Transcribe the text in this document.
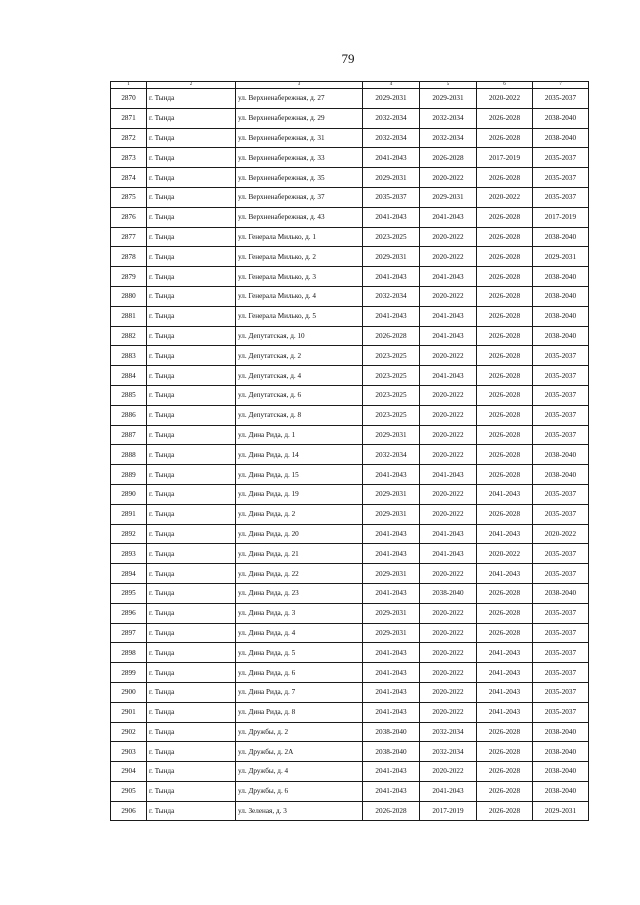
79
1	2	3	4	5	6	7
2870	г. Тында	ул. Верхненабережная, д. 27	2029-2031	2029-2031	2020-2022	2035-2037
2871	г. Тында	ул. Верхненабережная, д. 29	2032-2034	2032-2034	2026-2028	2038-2040
2872	г. Тында	ул. Верхненабережная, д. 31	2032-2034	2032-2034	2026-2028	2038-2040
2873	г. Тында	ул. Верхненабережная, д. 33	2041-2043	2026-2028	2017-2019	2035-2037
2874	г. Тында	ул. Верхненабережная, д. 35	2029-2031	2020-2022	2026-2028	2035-2037
2875	г. Тында	ул. Верхненабережная, д. 37	2035-2037	2029-2031	2020-2022	2035-2037
2876	г. Тында	ул. Верхненабережная, д. 43	2041-2043	2041-2043	2026-2028	2017-2019
2877	г. Тында	ул. Генерала Милько, д. 1	2023-2025	2020-2022	2026-2028	2038-2040
2878	г. Тында	ул. Генерала Милько, д. 2	2029-2031	2020-2022	2026-2028	2029-2031
2879	г. Тында	ул. Генерала Милько, д. 3	2041-2043	2041-2043	2026-2028	2038-2040
2880	г. Тында	ул. Генерала Милько, д. 4	2032-2034	2020-2022	2026-2028	2038-2040
2881	г. Тында	ул. Генерала Милько, д. 5	2041-2043	2041-2043	2026-2028	2038-2040
2882	г. Тында	ул. Депутатская, д. 10	2026-2028	2041-2043	2026-2028	2038-2040
2883	г. Тында	ул. Депутатская, д. 2	2023-2025	2020-2022	2026-2028	2035-2037
2884	г. Тында	ул. Депутатская, д. 4	2023-2025	2041-2043	2026-2028	2035-2037
2885	г. Тында	ул. Депутатская, д. 6	2023-2025	2020-2022	2026-2028	2035-2037
2886	г. Тында	ул. Депутатская, д. 8	2023-2025	2020-2022	2026-2028	2035-2037
2887	г. Тында	ул. Дина Рида, д. 1	2029-2031	2020-2022	2026-2028	2035-2037
2888	г. Тында	ул. Дина Рида, д. 14	2032-2034	2020-2022	2026-2028	2038-2040
2889	г. Тында	ул. Дина Рида, д. 15	2041-2043	2041-2043	2026-2028	2038-2040
2890	г. Тында	ул. Дина Рида, д. 19	2029-2031	2020-2022	2041-2043	2035-2037
2891	г. Тында	ул. Дина Рида, д. 2	2029-2031	2020-2022	2026-2028	2035-2037
2892	г. Тында	ул. Дина Рида, д. 20	2041-2043	2041-2043	2041-2043	2020-2022
2893	г. Тында	ул. Дина Рида, д. 21	2041-2043	2041-2043	2020-2022	2035-2037
2894	г. Тында	ул. Дина Рида, д. 22	2029-2031	2020-2022	2041-2043	2035-2037
2895	г. Тында	ул. Дина Рида, д. 23	2041-2043	2038-2040	2026-2028	2038-2040
2896	г. Тында	ул. Дина Рида, д. 3	2029-2031	2020-2022	2026-2028	2035-2037
2897	г. Тында	ул. Дина Рида, д. 4	2029-2031	2020-2022	2026-2028	2035-2037
2898	г. Тында	ул. Дина Рида, д. 5	2041-2043	2020-2022	2041-2043	2035-2037
2899	г. Тында	ул. Дина Рида, д. 6	2041-2043	2020-2022	2041-2043	2035-2037
2900	г. Тында	ул. Дина Рида, д. 7	2041-2043	2020-2022	2041-2043	2035-2037
2901	г. Тында	ул. Дина Рида, д. 8	2041-2043	2020-2022	2041-2043	2035-2037
2902	г. Тында	ул. Дружбы, д. 2	2038-2040	2032-2034	2026-2028	2038-2040
2903	г. Тында	ул. Дружбы, д. 2А	2038-2040	2032-2034	2026-2028	2038-2040
2904	г. Тында	ул. Дружбы, д. 4	2041-2043	2020-2022	2026-2028	2038-2040
2905	г. Тында	ул. Дружбы, д. 6	2041-2043	2041-2043	2026-2028	2038-2040
2906	г. Тында	ул. Зеленая, д. 3	2026-2028	2017-2019	2026-2028	2029-2031
